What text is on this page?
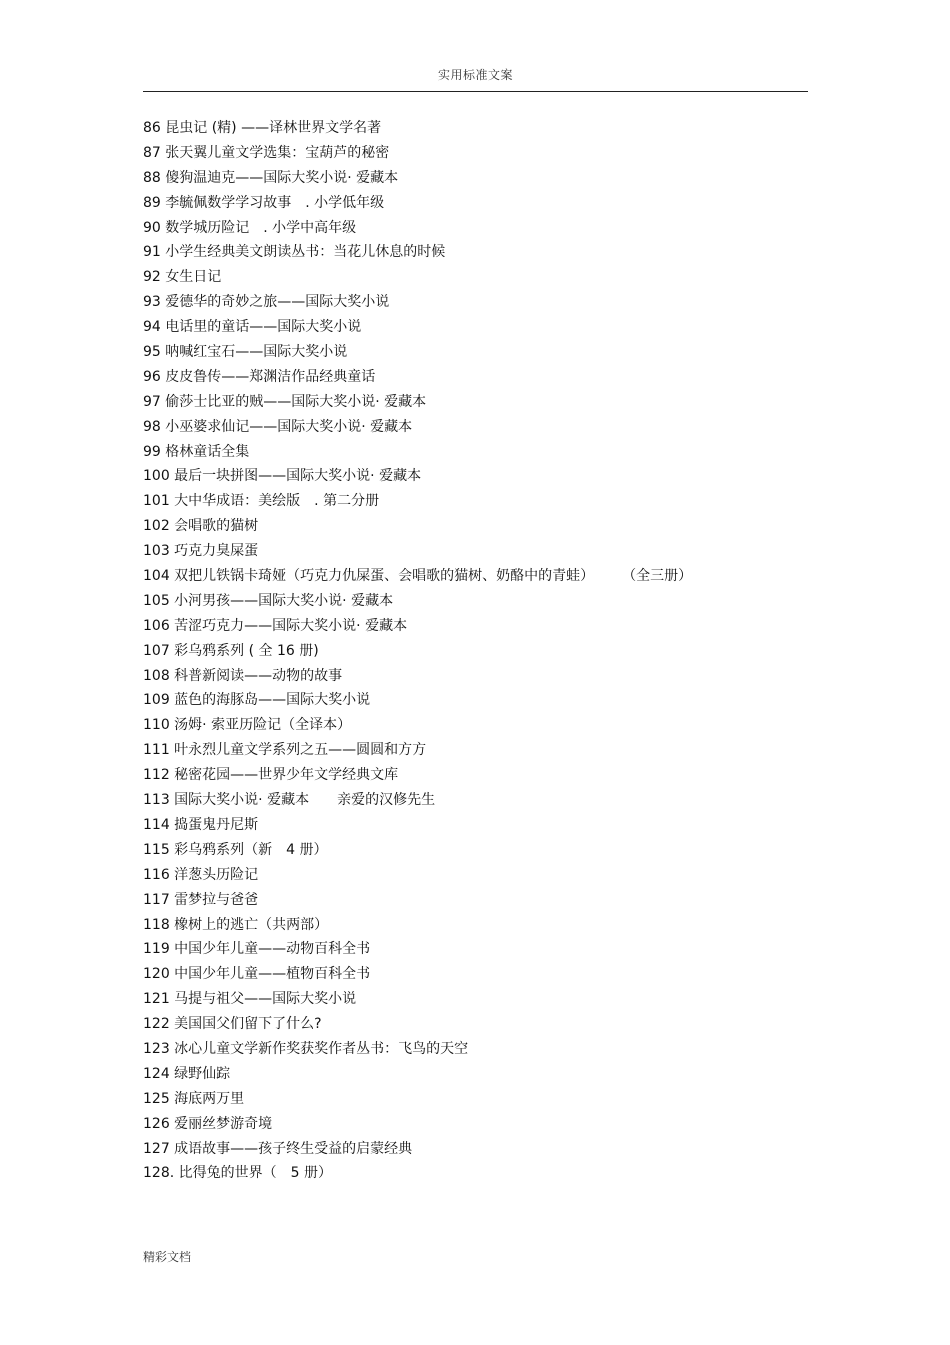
实用标准文案
86 昆虫记 (精) ——译林世界文学名著
87 张天翼儿童文学选集：宝葫芦的秘密
88 傻狗温迪克——国际大奖小说· 爱藏本
89 李毓佩数学学习故事　. 小学低年级
90 数学城历险记　. 小学中高年级
91 小学生经典美文朗读丛书：当花儿休息的时候
92 女生日记
93 爱德华的奇妙之旅——国际大奖小说
94 电话里的童话——国际大奖小说
95 呐喊红宝石——国际大奖小说
96 皮皮鲁传——郑渊洁作品经典童话
97 偷莎士比亚的贼——国际大奖小说· 爱藏本
98 小巫婆求仙记——国际大奖小说· 爱藏本
99 格林童话全集
100 最后一块拼图——国际大奖小说· 爱藏本
101 大中华成语：美绘版　. 第二分册
102 会唱歌的猫树
103 巧克力臭屎蛋
104 双把儿铁锅卡琦娅（巧克力仇屎蛋、会唱歌的猫树、奶酪中的青蛙）　　　（全三册）
105 小河男孩——国际大奖小说· 爱藏本
106 苦涩巧克力——国际大奖小说· 爱藏本
107 彩乌鸦系列 ( 全 16 册)
108 科普新阅读——动物的故事
109 蓝色的海豚岛——国际大奖小说
110 汤姆· 索亚历险记（全译本）
111 叶永烈儿童文学系列之五——圆圆和方方
112 秘密花园——世界少年文学经典文库
113 国际大奖小说· 爱藏本　　亲爱的汉修先生
114 捣蛋鬼丹尼斯
115 彩乌鸦系列（新　4 册）
116 洋葱头历险记
117 雷梦拉与爸爸
118 橡树上的逃亡（共两部）
119 中国少年儿童——动物百科全书
120 中国少年儿童——植物百科全书
121 马提与祖父——国际大奖小说
122 美国国父们留下了什么?
123 冰心儿童文学新作奖获奖作者丛书：飞鸟的天空
124 绿野仙踪
125 海底两万里
126 爱丽丝梦游奇境
127 成语故事——孩子终生受益的启蒙经典
128. 比得兔的世界（　5 册）
精彩文档
